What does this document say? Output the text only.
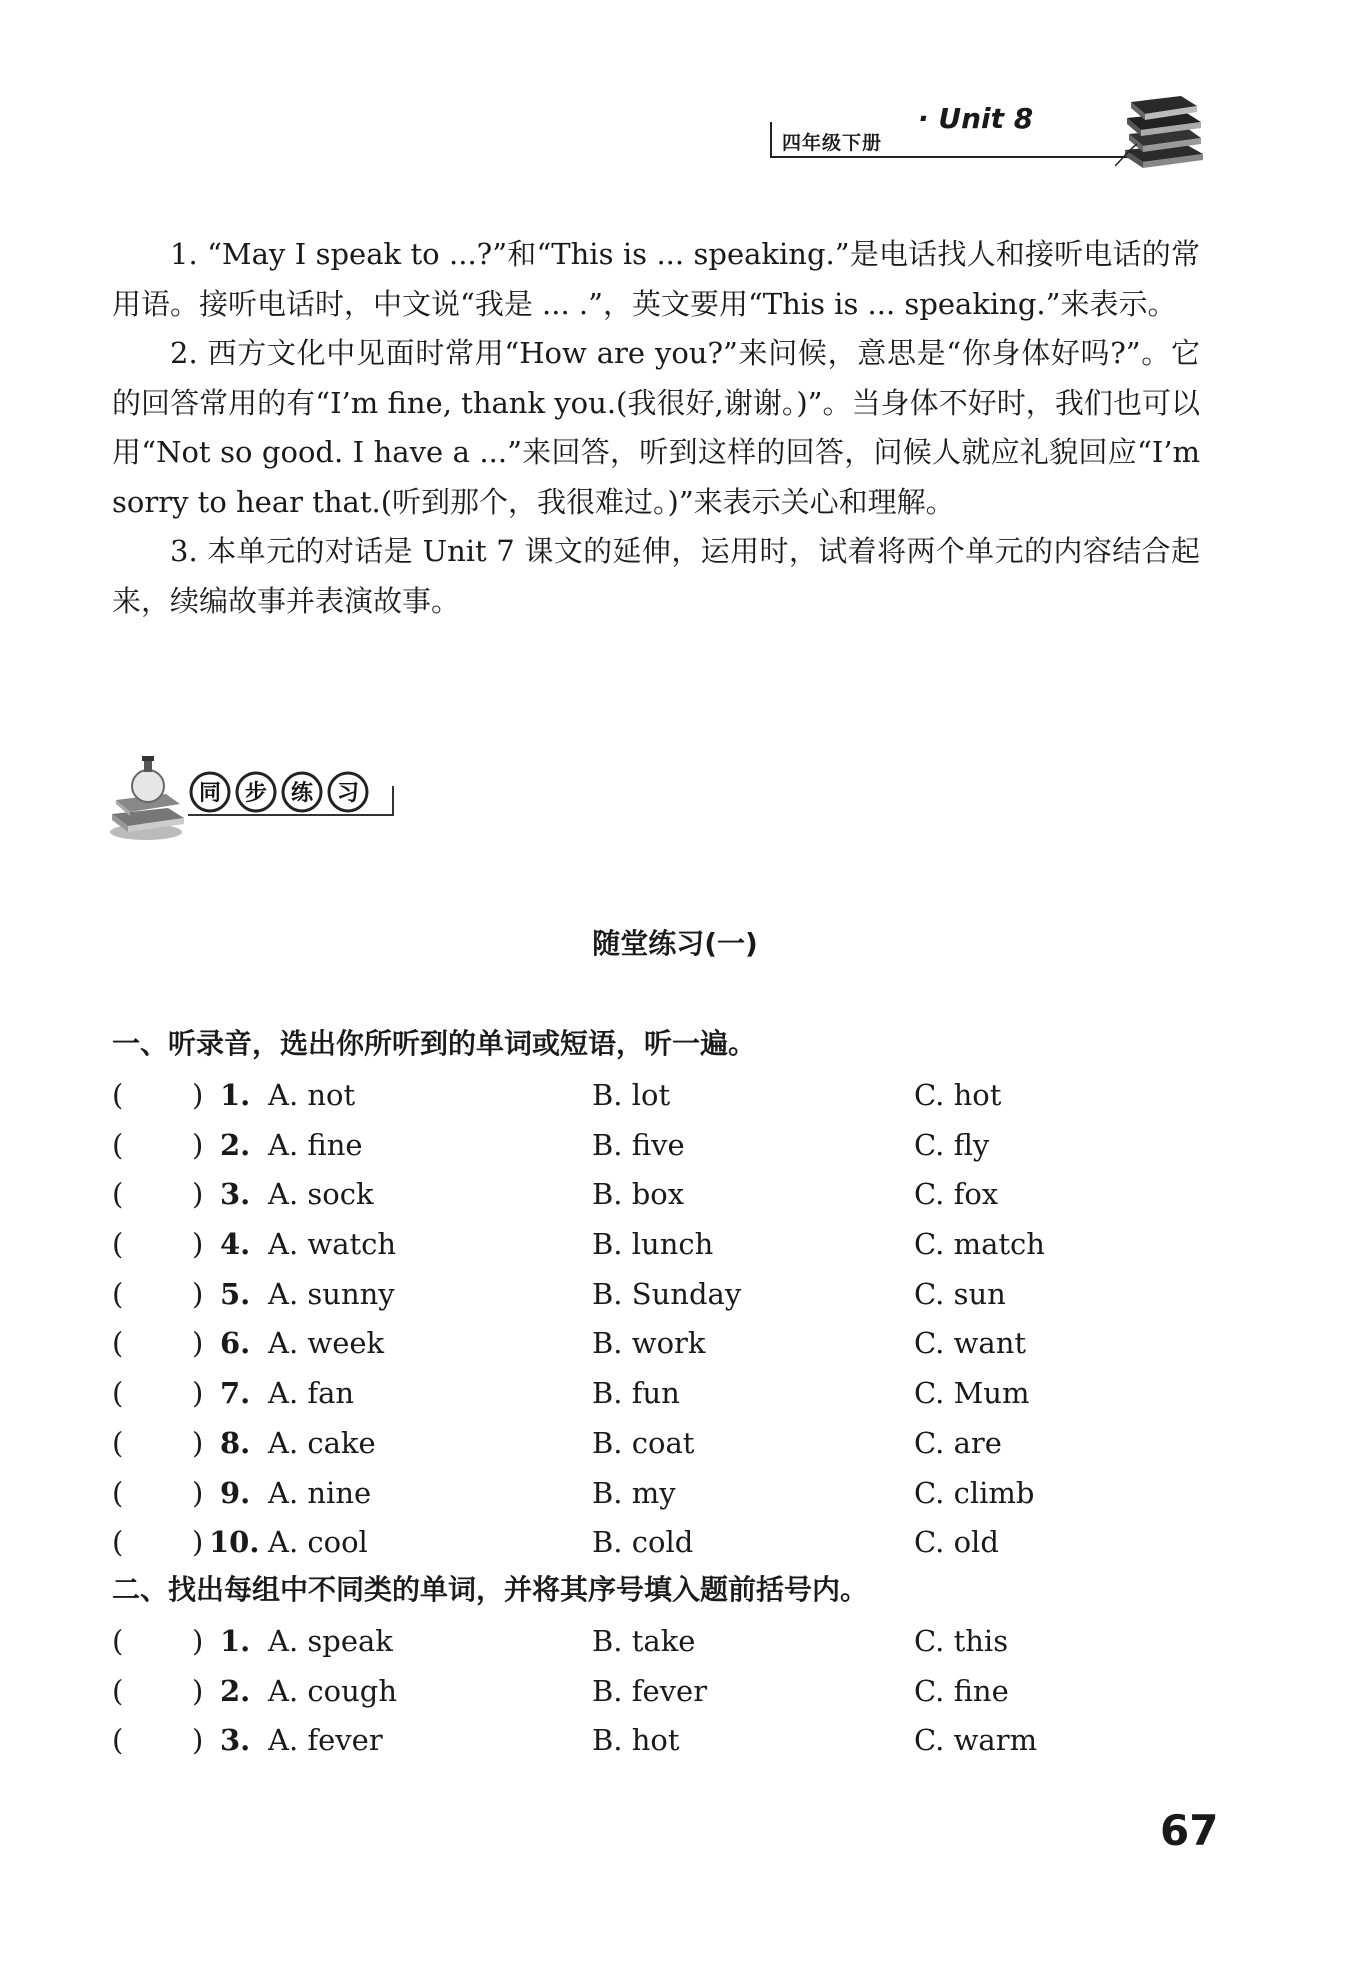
四年级下册
· Unit 8

1. “May I speak to ...?”和“This is ... speaking.”是电话找人和接听电话的常用语。接听电话时，中文说“我是 ... .”，英文要用“This is ... speaking.”来表示。

2. 西方文化中见面时常用“How are you?”来问候，意思是“你身体好吗?”。它的回答常用的有“I’m fine, thank you.(我很好,谢谢。)”。当身体不好时，我们也可以用“Not so good. I have a ...”来回答，听到这样的回答，问候人就应礼貌回应“I’m sorry to hear that.(听到那个，我很难过。)”来表示关心和理解。

3. 本单元的对话是 Unit 7 课文的延伸，运用时，试着将两个单元的内容结合起来，续编故事并表演故事。

同 步 练 习
随堂练习(一)
一、听录音，选出你所听到的单词或短语，听一遍。
( ) 1. A. not	B. lot	C. hot
( ) 2. A. fine	B. five	C. fly
( ) 3. A. sock	B. box	C. fox
( ) 4. A. watch	B. lunch	C. match
( ) 5. A. sunny	B. Sunday	C. sun
( ) 6. A. week	B. work	C. want
( ) 7. A. fan	B. fun	C. Mum
( ) 8. A. cake	B. coat	C. are
( ) 9. A. nine	B. my	C. climb
( ) 10. A. cool	B. cold	C. old
二、找出每组中不同类的单词，并将其序号填入题前括号内。
( ) 1. A. speak	B. take	C. this
( ) 2. A. cough	B. fever	C. fine
( ) 3. A. fever	B. hot	C. warm
67
